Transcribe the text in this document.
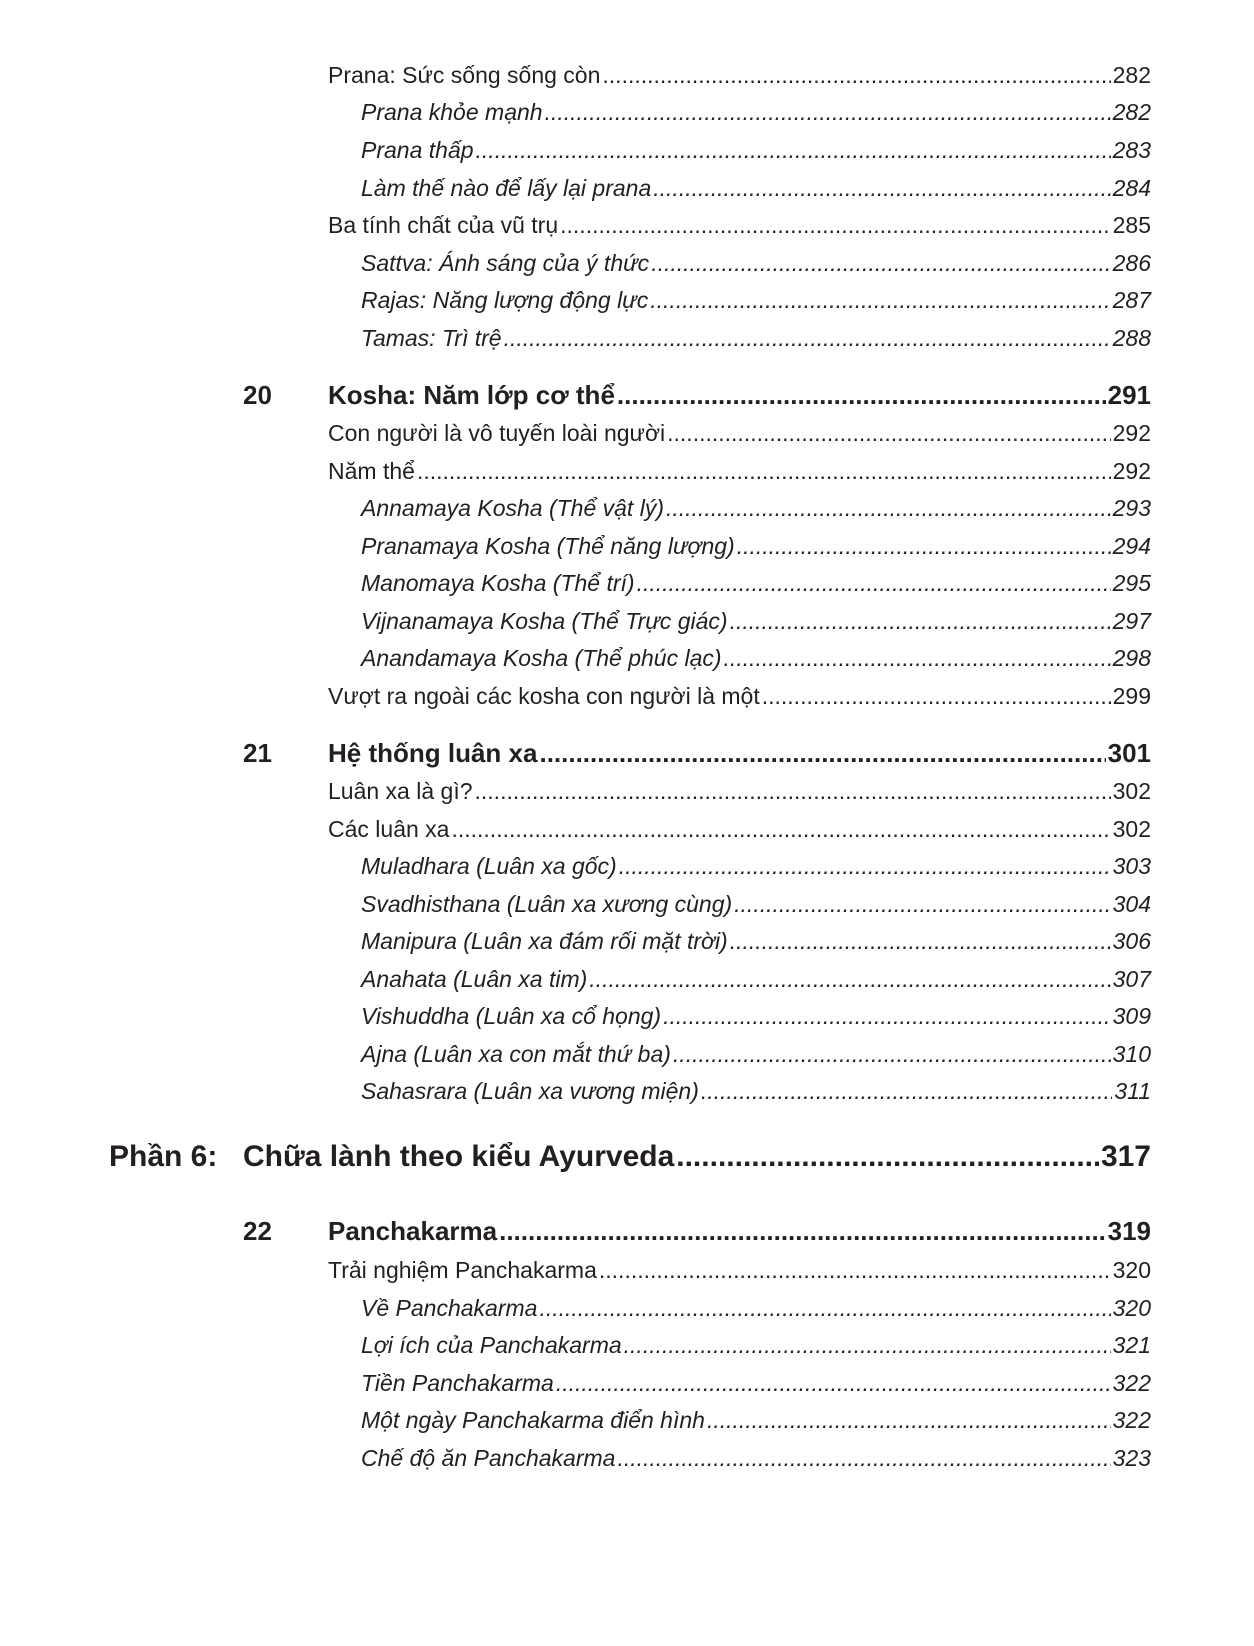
Prana: Sức sống sống còn .....	282
Prana khỏe mạnh .....	282
Prana thấp .....	283
Làm thế nào để lấy lại prana .....	284
Ba tính chất của vũ trụ .....	285
Sattva: Ánh sáng của ý thức .....	286
Rajas: Năng lượng động lực .....	287
Tamas: Trì trệ .....	288
20 Kosha: Năm lớp cơ thể .....	291
Con người là vô tuyến loài người .....	292
Năm thể .....	292
Annamaya Kosha (Thể vật lý) .....	293
Pranamaya Kosha (Thể năng lượng) .....	294
Manomaya Kosha (Thể trí) .....	295
Vijnanamaya Kosha (Thể Trực giác) .....	297
Anandamaya Kosha (Thể phúc lạc) .....	298
Vượt ra ngoài các kosha con người là một .....	299
21 Hệ thống luân xa .....	301
Luân xa là gì? .....	302
Các luân xa .....	302
Muladhara (Luân xa gốc) .....	303
Svadhisthana (Luân xa xương cùng) .....	304
Manipura (Luân xa đám rối mặt trời) .....	306
Anahata (Luân xa tim) .....	307
Vishuddha (Luân xa cổ họng) .....	309
Ajna (Luân xa con mắt thứ ba) .....	310
Sahasrara (Luân xa vương miện) .....	311
Phần 6: Chữa lành theo kiểu Ayurveda .....	317
22 Panchakarma .....	319
Trải nghiệm Panchakarma .....	320
Về Panchakarma .....	320
Lợi ích của Panchakarma .....	321
Tiền Panchakarma .....	322
Một ngày Panchakarma điển hình .....	322
Chế độ ăn Panchakarma .....	323
